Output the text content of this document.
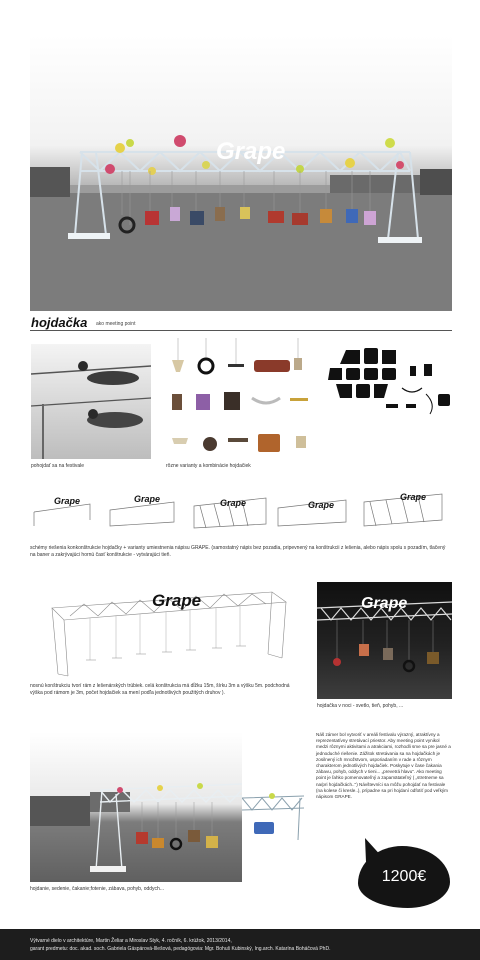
Grape
hojdačka ako meeting point
pohojdať sa na festivale	rôzne varianty a kombinácie hojdačiek
Grape	Grape	Grape	Grape
Grape
schémy riešenia konkonštrukcie hojdačky + varianty umiestnenia nápisu GRAPE. (samostatný nápis bez pozadia, pripevnený na konštrukcii z lešenia, alebo nápis spolu s pozadím, tlačený na baner a zakrývajúci hornú časť konštrukcie - vytvárajúci tieň.
Grape
nosnú konštrukciu tvorí rám z lešenárských trúbiek. celá konštrukcia má dĺžku 15m, šírku 3m a výšku 5m. podchodná výška pod rámom je 3m, počet hojdačiek sa mení podľa jednotlivých použitých druhov ).
Grape
hojdačka v noci - svetlo, tieň, pohyb, ...
hojdanie, sedenie, čakanie;fotenie, zábava, pohyb, oddych...
Náš zámer bol vytvoriť v areáli festivalu výrazný, atraktívny a reprezentatívny stretávací priestor. Aby meeting point vynikol medzi rôznymi aktivitami a atrakciami, rozhodli sme sa pre jasné a jednoduché riešenie. Zážitok stretávania sa na hojdačkách je zosilnený ich množstvom, usporiadaním v rade a rôznym charakterom jednotlivých hojdačiek. Poskytuje v čase čakania zábavu, pohyb, oddych v tieni... „prevetrá hlavu". Ako meeting point je ľahko pomenovateľný a zapamätateľný ( „stretneme sa na/pri hojdačkách..") Návštevníci sa môžu pohojdať na festivale (na kolese či kresle..), prípadne sa pri hojdaní odfotiť pod veľkým nápisom GRAPE.
1200€
Výtvarné dielo v architektúre, Martin Želiar a Miroslav Styk, 4. ročník, 6. krúžok, 2013/2014,
garant predmetu: doc. akad. soch. Gabriela Gáspárová-Illešová, pedagógovia: Mgr. Bohuš Kubinský, Ing.arch. Katarína Boháčová PhD.
